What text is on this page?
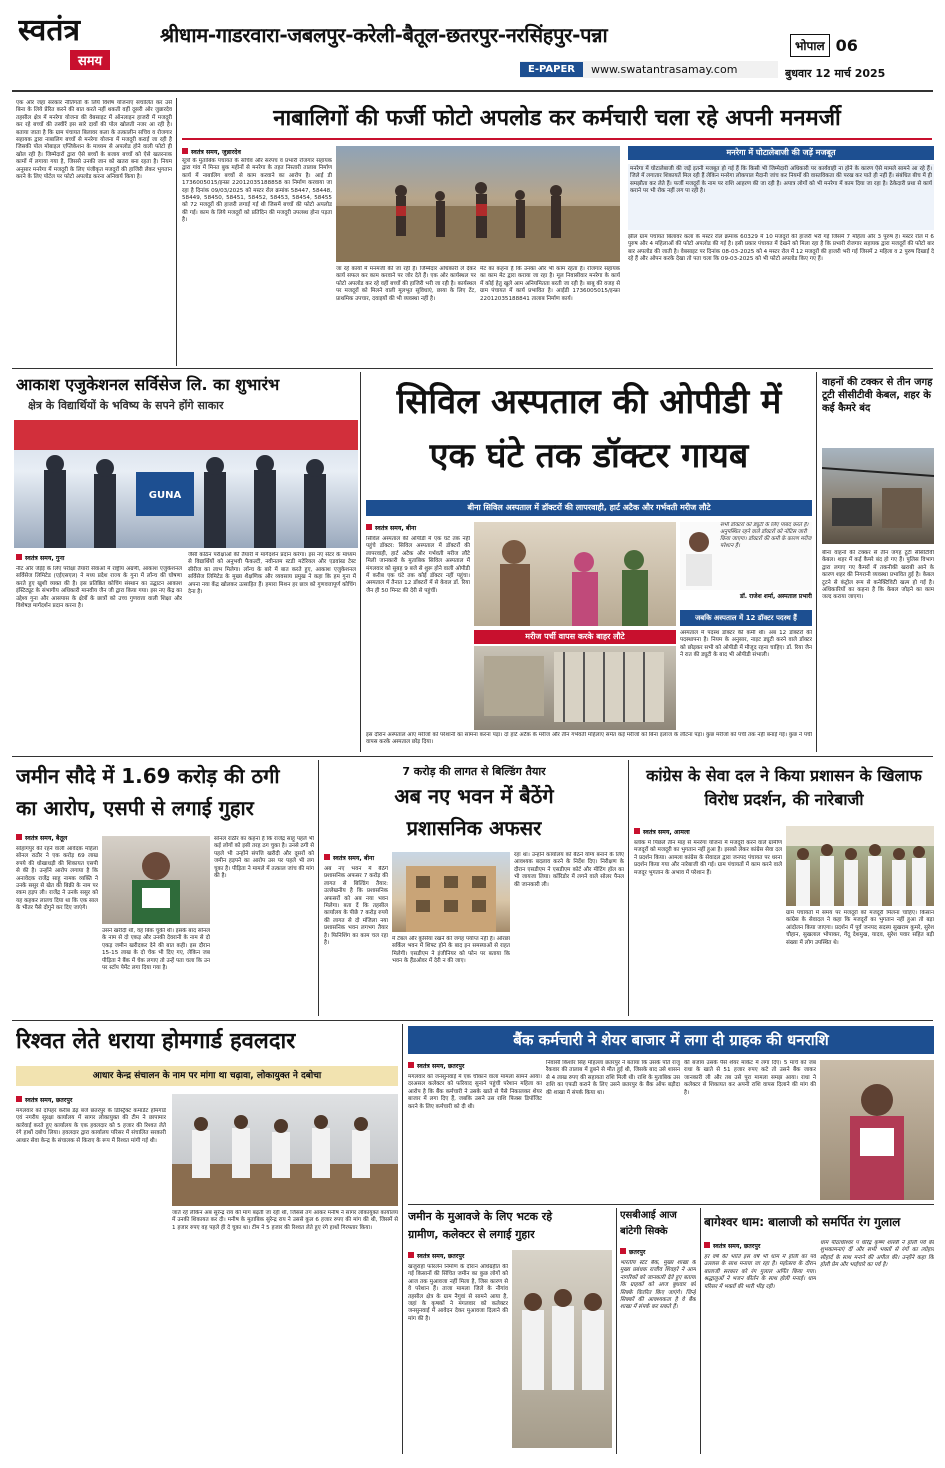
स्वतंत्र
समय
श्रीधाम-गाडरवारा-जबलपुर-करेली-बैतूल-छतरपुर-नरसिंहपुर-पन्ना
E-PAPER	www.swatantrasamay.com
भोपाल 06
बुधवार 12 मार्च 2025
एक ओर जहां सरकार नीतिगतों के लिये विशेष योजनाएं संचालित कर उसे बिना के लिये प्रेरित करने की बात करते नहीं थकती वहीं दूसरी ओर जुन्नारदेव तहसील क्षेत्र में मनरेगा योजना की वेबसाइट में ऑनलाइन हाजरी में मजदूरी कर रहे बच्चों की तस्वीरें इस सारे दावों की पोल खोलती नजर आ रही है। बताया जाता है कि ग्राम पंचायत बिलावर कला के तत्कालीन सचिव व रोजगार सहायक द्वारा नाबालिग बच्चों से मनरेगा योजना में मजदूरी कराई जा रही है जिसकी पोल मोबाइल एप्लिकेशन के माध्यम से अपलोड होने वाली फोटो ही खोल रही है। जिम्मेदारों द्वारा ऐसे बच्चों के बजाय बच्चों को ऐसे खतरनाक कामों में लगाया गया है, जिससे उनकी जान को खतरा बना रहता है। नियम अनुसार मनरेगा में मजदूरी के लिए पंजीकृत मजदूरों की हाजिरी लेकर भुगतान करने के लिए पोर्टल पर फोटो अपलोड करना अनिवार्य किया है।
नाबालिगों की फर्जी फोटो अपलोड कर कर्मचारी चला रहे अपनी मनमर्जी
स्वतंत्र समय, जुन्नारदेव
सूत्रों के मुताबिक पंचायत के सचिव और सरपंच व प्रभारी रोजगार सहायक द्वारा गांव में मिनत बुक महीनों से मनरेगा के तहत निस्तारी तालाब निर्माण कार्य में नाबालिग बच्चों से काम करवाने का आरोप है। आई डी 1736005015/इन्फ्रा 22012035188858 का निर्माण करवाया जा रहा है दिनांक 09/03/2025 को मस्टर रोल क्रमांक 58447, 58448, 58449, 58450, 58451, 58452, 58453, 58454, 58455 को 72 मजदूरों की हाजरी लगाई गई थी जिसमें बच्चों की फोटो अपलोड की गई। काम के लिये मजदूरों को प्रतिदिन की मजदूरी उपलब्ध होना पड़ता है।
जा रहे कार्यों में मनमर्जी की जा रही है। जिम्मेदार अधिकारी ले देकर कार्य सफल कर काम करवाने पर जोर देते हैं। एक ओर कार्यस्थल पर फोटो अपलोड कर रहे वहीं बच्चों की हाजिरी भरी जा रही है। कार्यस्थल पर मजदूरों को मिलने वाली मूलभूत सुविधाएं, छाया के लिए टेंट, प्राथमिक उपचार, दवाइयों की भी व्यवस्था नहीं है।
मेट का कहना है कि उनका और भी काम रहता है। रोजगार सहायक का काम मेट द्वारा कराया जा रहा है। मूल निवासीवार मनरेगा के कार्य में कोई हेतु खुले आम अनियमितता बरती जा रही है। बाबू की वजह से ग्राम पंचायत में कार्य प्रभावित है। आईडी 1736005015/इन्फ्रा 22012035188841 तालाब निर्माण कार्य।
मनरेगा में घोटालेबाजी की जड़ें मजबूत
मनरेगा में घोटालेबाजी की जड़ें इतनी मजबूत हो गई हैं कि किसी भी जिम्मेदारी अधिकारी पर कार्यवाही ना होने के कारण ऐसे मामले सामने आ रहे हैं। जिले में लगातार शिकायतें मिल रही हैं लेकिन मनरेगा लोकपाल मैदानी जांच कर नियमों की वास्तविकता की परख कर पाते ही नहीं हैं। संबंधित बीच में ही समझौता कर लेते हैं। फर्जी मजदूरों के नाम पर राशि आहरण की जा रही है। अपात्र लोगों को भी मनरेगा में काम दिया जा रहा है। ठेकेदारी प्रथा से कार्य कराने पर भी रोक नहीं लग पा रही है।
झील ग्राम पंचायत बिलावर कला के मस्टर रोल क्रमांक 60329 में 10 मजदूरों की हाजरी भरी गई जिसमें 7 महिला और 3 पुरुष हैं। मस्टर रोल में 6 पुरुष और 4 महिलाओं की फोटो अपलोड की गई है। इसी प्रकार पंचायत में देखने को मिला रहा है कि प्रभारी रोजगार सहायक द्वारा मजदूरों की फोटो बार बार अपलोड की जाती है। वेबसाइट पर दिनांक 08-03-2025 को 4 मस्टर रोल में 12 मजदूरों की हाजरी भरी गई जिसमें 2 महिला व 2 पुरुष दिखाई दे रहे हैं और ओपन करके देखा तो पता चला कि 09-03-2025 को भी फोटो अपलोड किए गए हैं।
आकाश एजुकेशनल सर्विसेज लि. का शुभारंभ
क्षेत्र के विद्यार्थियों के भविष्य के सपने होंगे साकार
GUNA
स्वतंत्र समय, गुना
नीट और जेईई के लिए परीक्षा तैयारी सेवाओं में राष्ट्रीय अग्रणी, आकाश एजुकेशनल सर्विसेज लिमिटेड (एईएसएल) ने मध्य प्रदेश राज्य के गुना में लॉन्च की घोषणा करते हुए खुशी व्यक्त की है। इस प्रतिष्ठित कोचिंग संस्थान का उद्घाटन आकाश इंस्टिट्यूट के संभागीय अधिकारी मानवीय जैन जी द्वारा किया गया। इस नए केंद्र का उद्देश्य गुना और आसपास के क्षेत्रों के छात्रों को उच्च गुणवत्ता वाली शिक्षा और विशेषज्ञ मार्गदर्शन प्रदान करना है।
जैसी कठिन परीक्षाओं की तैयारी में मार्गदर्शन प्रदान करेगा। इस नए सेंटर के माध्यम से विद्यार्थियों को अनुभवी फैकल्टी, नवीनतम स्टडी मटेरियल और एडवांस्ड टेस्ट सीरीज का लाभ मिलेगा। लॉन्च के बारे में बात करते हुए, आकाश एजुकेशनल सर्विसेज लिमिटेड के मुख्य शैक्षणिक और व्यवसाय प्रमुख ने कहा कि हम गुना में अपना नया केंद्र खोलकर उत्साहित हैं। हमारा मिशन हर छात्र को गुणवत्तापूर्ण कोचिंग देना है।
सिविल अस्पताल की ओपीडी में
एक घंटे तक डॉक्टर गायब
बीना सिविल अस्पताल में डॉक्टरों की लापरवाही, हार्ट अटैक और गर्भवती मरीज लौटे
स्वतंत्र समय, बीना
सिविल अस्पताल की ओपीडी में एक घंटे तक नहीं पहुंचे डॉक्टर: सिविल अस्पताल में डॉक्टरों की लापरवाही, हार्ट अटैक और गर्भवती मरीज लौटे मिली जानकारी के मुताबिक सिविल अस्पताल में मंगलवार को सुबह 9 बजे से शुरू होने वाली ओपीडी में करीब एक घंटे तक कोई डॉक्टर नहीं पहुंचा। अस्पताल में तैनात 12 डॉक्टरों में से केवल डॉ. रिया जैन ही 50 मिनट की देरी से पहुंचीं।
सभी डॉक्टरों को ड्यूटी के लिए पाबंद करते हैं। अनुपस्थित रहने वाले डॉक्टरों को नोटिस जारी किया जाएगा। डॉक्टरों की कमी के कारण मरीज परेशान हैं।
डॉ. राजेश शर्मा, अस्पताल प्रभारी
मरीज पर्ची वापस करके बाहर लौटे
जबकि अस्पताल में 12 डॉक्टर पदस्थ हैं
अस्पताल में पदस्थ डॉक्टर की कमी थी। अब 12 डॉक्टरों की पदस्थापना है। नियम के अनुसार, नाइट ड्यूटी करने वाले डॉक्टर को छोड़कर सभी को ओपीडी में मौजूद रहना चाहिए। डॉ. रिया जैन ने रात की ड्यूटी के बाद भी ओपीडी संभाली।
इस दौरान अस्पताल आए मरीजों को परेशानी का सामना करना पड़ा। दो हार्ट अटैक के मरीज और तीन गर्भवती महिलाएं समेत कई मरीजों को बिना इलाज के लौटना पड़ा। कुछ मरीजों को पर्ची तक नहीं बनाई गई। कुछ ने पर्ची वापस करके अस्पताल छोड़ दिया।
वाहनों की टक्कर से तीन जगह टूटी सीसीटीवी केबल, शहर के कई कैमरे बंद
बीना वाहनों की टक्कर से तीन जगह टूटी सीसीटीवी केबल। शहर में कई कैमरे बंद हो गए हैं। पुलिस विभाग द्वारा लगाए गए कैमरों में तकनीकी खराबी आने के कारण शहर की निगरानी व्यवस्था प्रभावित हुई है। केबल टूटने से कंट्रोल रूम से कनेक्टिविटी खत्म हो गई है। अधिकारियों का कहना है कि केबल जोड़ने का काम जल्द कराया जाएगा।
जमीन सौदे में 1.69 करोड़ की ठगी
का आरोप, एसपी से लगाई गुहार
स्वतंत्र समय, बैतूल
सोहागपुर की रहने वाली आवेदक महिला सोनल राठौर ने एक करोड़ 69 लाख रुपये की धोखाधड़ी की शिकायत एसपी से की है। उन्होंने आरोप लगाया है कि अनावेदक राजेंद्र साहू नामक व्यक्ति ने उनके ससुर से खेत की बिक्री के नाम पर रकम हड़प ली। राजेंद्र ने उनके ससुर को यह कहकर लालच दिया था कि एक साल के भीतर पैसे दोगुने कर दिए जाएंगे।
उसने खरीदी थी, वह बिक चुकी थी। इसके बाद सोनल के नाम से दो एकड़ और उनकी देवरानी के नाम से दो एकड़ जमीन खरीदकर देने की बात कही। इस दौरान 15-15 लाख के दो चेक भी दिए गए, लेकिन जब पीड़िता ने बैंक में चेक लगाए तो उन्हें पता चला कि उन पर स्टॉप पेमेंट लगा दिया गया है।
सोनल राठौर का कहना है कि राजेंद्र साहू पहले भी कई लोगों को इसी तरह ठग चुका है। उनसे ठगी से पहले भी उन्होंने संपत्ति खरीदी और दूसरों को जमीन हड़पने का आरोप उस पर पहले भी लग चुका है। पीड़िता ने मामले में तत्काल जांच की मांग की है।
7 करोड़ की लागत से बिल्डिंग तैयार
अब नए भवन में बैठेंगे
प्रशासनिक अफसर
स्वतंत्र समय, बीना
अब नए भवन में बैठेंगे प्रशासनिक अफसर 7 करोड़ की लागत से बिल्डिंग तैयार: उल्लेखनीय है कि प्रशासनिक अफसरों को अब नया भवन मिलेगा। बता दें कि तहसील कार्यालय के पीछे 7 करोड़ रुपये की लागत से दो मंजिला नया प्रशासनिक भवन लगभग तैयार है। फिनिशिंग का काम चल रहा है।
में टेबल और कुर्सियां रखने की जगह पर्याप्त नहीं है। ओरछा सर्किल भवन में शिफ्ट होने के बाद इन समस्याओं से राहत मिलेगी। एसडीएम ने इंजीनियर को फोन पर बताया कि भवन के हैंडओवर में देरी न की जाए।
रहा था। उन्होंने कार्यालय को बैठने योग्य बनाने के लिए आवश्यक बदलाव करने के निर्देश दिए। निरीक्षण के दौरान एसडीएम ने एसडीएम कोर्ट और मीटिंग हॉल का भी जायजा लिया। कॉरिडोर में लगने वाले सोलर पैनल की जानकारी ली।
कांग्रेस के सेवा दल ने किया प्रशासन के खिलाफ विरोध प्रदर्शन, की नारेबाजी
स्वतंत्र समय, आमला
ब्लॉक में पिछले तीन माह से मनरेगा योजना में मजदूरी करने वाले ग्रामीण मजदूरों को मजदूरी का भुगतान नहीं हुआ है। इसको लेकर कांग्रेस सेवा दल ने प्रदर्शन किया। आमला कांग्रेस के सेवादल द्वारा जनपद पंचायत पर धरना प्रदर्शन किया गया और नारेबाजी की गई। ग्राम पंचायतों में काम करने वाले मजदूर भुगतान के अभाव में परेशान हैं।
ग्राम पंचायतों में समय पर मजदूरों को मजदूरी मिलना चाहिए। किसान कांग्रेस के सेवादल ने कहा कि मजदूरों का भुगतान नहीं हुआ तो बड़ा आंदोलन किया जाएगा। प्रदर्शन में पूर्व जनपद सदस्य सुखराम कुमरे, सुरेश चौहान, सुखलाल भोपाकर, गेंदू देशमुख, यादव, सुरेश पवार सहित बड़ी संख्या में लोग उपस्थित थे।
रिश्वत लेते धराया होमगार्ड हवलदार
आधार केन्द्र संचालन के नाम पर मांगा था चढ़ावा, लोकायुक्त ने दबोचा
स्वतंत्र समय, छतरपुर
मंगलवार को दोपहर करीब डेढ़ बजे छतरपुर के डिस्ट्रिक्ट कमांडेंट होमगार्ड एवं नगरीय सुरक्षा कार्यालय में सागर लोकायुक्त की टीम ने छापामार कार्रवाई करते हुए कार्यालय के एक हवलदार को 5 हजार की रिश्वत लेते रंगे हाथों दबोच लिया। हवलदार द्वारा कार्यालय परिसर में संचालित सरकारी आधार सेवा केन्द्र के संचालक से किराए के रूप में रिश्वत मांगी गई थी।
जाते रहे लेकिन अब सुरेन्द्र राय की मांग बढ़ती जा रही थी, जिससे तंग आकर मनीष ने सागर लोकायुक्त कार्यालय में उनकी शिकायत कर दी। मनीष के मुताबिक सुरेन्द्र राय ने उससे कुल 6 हजार रुपए की मांग की थी, जिसमें से 1 हजार रुपए वह पहले ही दे चुका था। टीम ने 5 हजार की रिश्वत लेते हुए रंगे हाथों गिरफ्तार किया।
बैंक कर्मचारी ने शेयर बाजार में लगा दी ग्राहक की धनराशि
स्वतंत्र समय, छतरपुर
मंगलवार को जनसुनवाई में एक चौंकाने वाला मामला सामने आया। दरअसल कलेक्टर को फरियाद सुनाने पहुंची परेशान महिला का आरोप है कि बैंक कर्मचारी ने उसके खाते से पैसे निकालकर शेयर बाजार में लगा दिए हैं, जबकि उसने उस राशि फिक्स डिपॉजिट करने के लिए कर्मचारी को दी थी।
निवासी किशोर सिंह मोहल्ला छतरपुर ने बताया कि उसके पति राजू रैकवार की तालाब में डूबने से मौत हुई थी, जिसके बाद उसे शासन से 4 लाख रुपए की सहायता राशि मिली थी। राशि के मुताबिक उस राशि का एफडी कराने के लिए उसने छतरपुर के बैंक ऑफ बड़ौदा की शाखा में संपर्क किया था।
की बजाय उसके पैसे शेयर मार्केट में लगा दिए। 5 मार्च को जब राधा के खाते से 51 हजार रुपए कटे तो उसने बैंक जाकर जानकारी ली और तब उसे पूरा मामला समझ आया। राधा ने कलेक्टर से शिकायत कर अपनी राशि वापस दिलाने की मांग की है।
जमीन के मुआवजे के लिए भटक रहे
ग्रामीण, कलेक्टर से लगाई गुहार
स्वतंत्र समय, छतरपुर
खजुराहो फोरलेन निर्माण के दौरान अधिग्रहीत की गई किसानों की सिंचित जमीन का कुछ लोगों को आज तक मुआवजा नहीं मिला है, जिस कारण से वे परेशान हैं। ताजा मामला जिले के नौगांव तहसील क्षेत्र के ग्राम नैगुवां से सामने आया है, जहां के कृषकों ने मंगलवार को कलेक्टर जनसुनवाई में आवेदन देकर मुआवजा दिलाने की मांग की है।
एसबीआई आज बांटेगी सिक्के
छतरपुर
भारतीय स्टेट बैंक, मुख्य शाखा के मुख्य प्रबंधक राजीव शिवहरे ने आम नागरिकों को जानकारी देते हुए बताया कि ग्राहकों को आज बुधवार को सिक्के वितरित किए जाएंगे। जिन्हें सिक्कों की आवश्यकता है वे बैंक शाखा में संपर्क कर सकते हैं।
बागेश्वर धाम: बालाजी को समर्पित रंग गुलाल
स्वतंत्र समय, छतरपुर
हर वर्ष की भांति इस वर्ष भी धाम में होली का पर्व उल्लास के साथ मनाया जा रहा है। महोत्सव के दौरान बालाजी सरकार को रंग गुलाल अर्पित किया गया। श्रद्धालुओं ने भजन कीर्तन के साथ होली मनाई। धाम परिसर में भक्तों की भारी भीड़ रही।
धाम पीठाधीश्वर पं धीरेंद्र कृष्ण शास्त्री ने होली पर्व की शुभकामनाएं दीं और सभी भक्तों से रंगों का त्योहार सौहार्द के साथ मनाने की अपील की। उन्होंने कहा कि होली प्रेम और भाईचारे का पर्व है।
